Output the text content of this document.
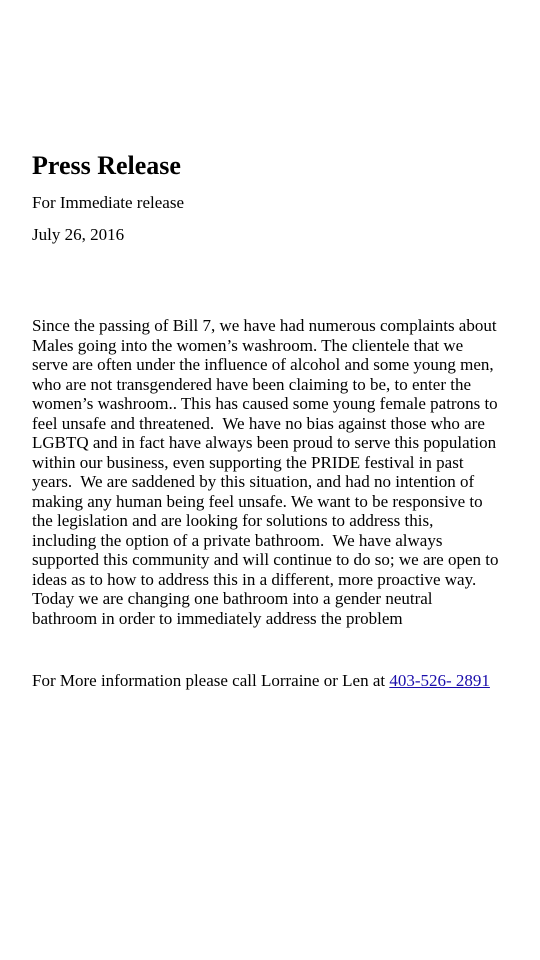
Press Release

For Immediate release

July 26, 2016

Since the passing of Bill 7, we have had numerous complaints about
Males going into the women’s washroom. The clientele that we
serve are often under the influence of alcohol and some young men,
who are not transgendered have been claiming to be, to enter the
women’s washroom.. This has caused some young female patrons to
feel unsafe and threatened.  We have no bias against those who are
LGBTQ and in fact have always been proud to serve this population
within our business, even supporting the PRIDE festival in past
years.  We are saddened by this situation, and had no intention of
making any human being feel unsafe. We want to be responsive to
the legislation and are looking for solutions to address this,
including the option of a private bathroom.  We have always
supported this community and will continue to do so; we are open to
ideas as to how to address this in a different, more proactive way.
Today we are changing one bathroom into a gender neutral
bathroom in order to immediately address the problem

For More information please call Lorraine or Len at 403-526- 2891
